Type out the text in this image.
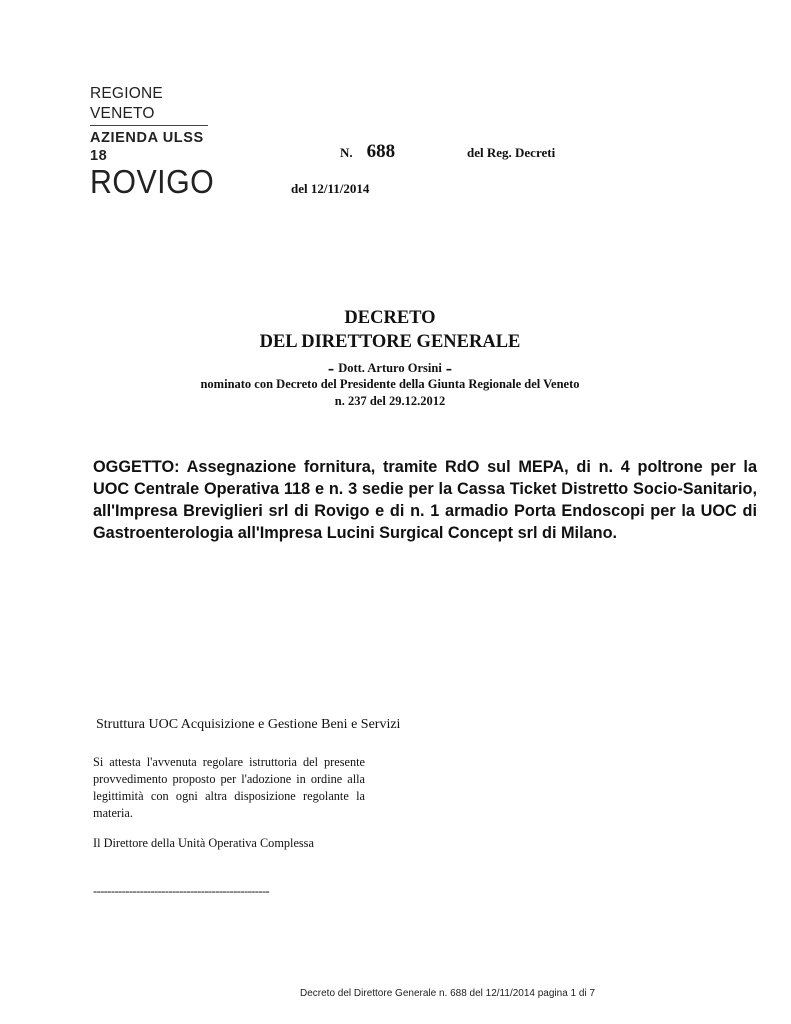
REGIONE VENETO
AZIENDA ULSS 18
ROVIGO
N. 688	del Reg. Decreti
del 12/11/2014
DECRETO
DEL DIRETTORE GENERALE
- Dott. Arturo Orsini -
nominato con Decreto del Presidente della Giunta Regionale del Veneto
n. 237 del 29.12.2012
OGGETTO: Assegnazione fornitura, tramite RdO sul MEPA, di n. 4 poltrone per la UOC Centrale Operativa 118 e n. 3 sedie per la Cassa Ticket Distretto Socio-Sanitario, all'Impresa Breviglieri srl di Rovigo e di n. 1 armadio Porta Endoscopi per la UOC di Gastroenterologia all'Impresa Lucini Surgical Concept srl di Milano.
Struttura UOC Acquisizione e Gestione Beni e Servizi
Si attesta l'avvenuta regolare istruttoria del presente provvedimento proposto per l'adozione in ordine alla legittimità con ogni altra disposizione regolante la materia.
Il Direttore della Unità Operativa Complessa
-------------------------------------------------
Decreto del Direttore Generale n. 688 del 12/11/2014 pagina 1 di 7
